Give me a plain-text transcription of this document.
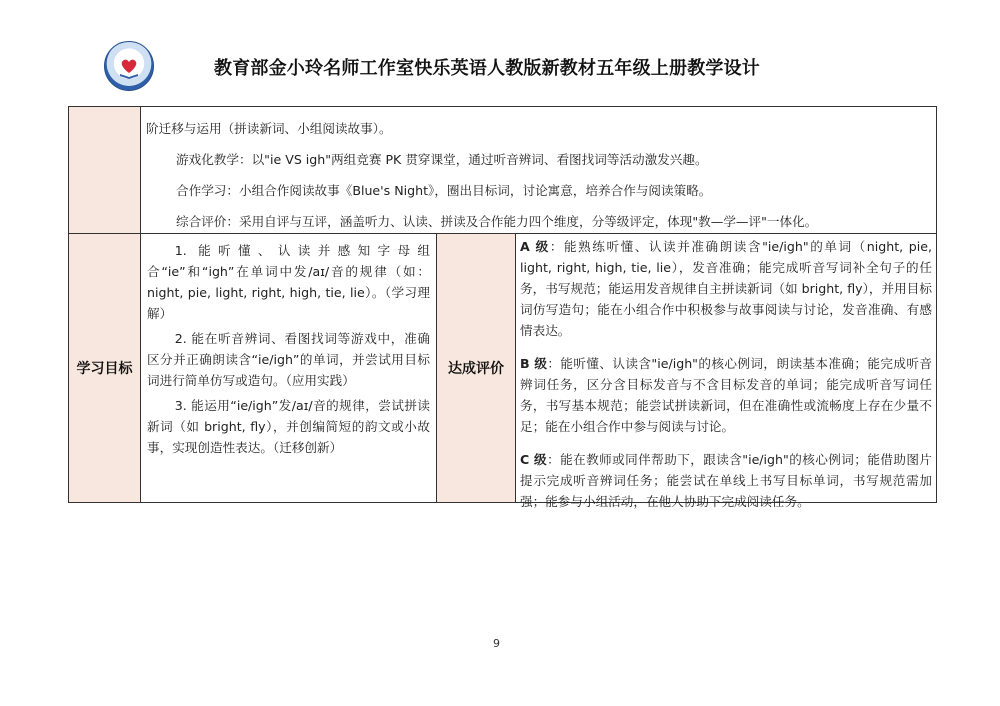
教育部金小玲名师工作室快乐英语人教版新教材五年级上册教学设计

阶迁移与运用（拼读新词、小组阅读故事）。

游戏化教学：以"ie VS igh"两组竞赛 PK 贯穿课堂，通过听音辨词、看图找词等活动激发兴趣。

合作学习：小组合作阅读故事《Blue's Night》，圈出目标词，讨论寓意，培养合作与阅读策略。

综合评价：采用自评与互评，涵盖听力、认读、拼读及合作能力四个维度，分等级评定，体现"教—学—评"一体化。

学习目标

1. 能听懂、认读并感知字母组合“ie”和“igh”在单词中发/aɪ/音的规律（如：night, pie, light, right, high, tie, lie）。（学习理解）

2. 能在听音辨词、看图找词等游戏中，准确区分并正确朗读含“ie/igh”的单词，并尝试用目标词进行简单仿写或造句。（应用实践）

3. 能运用“ie/igh”发/aɪ/音的规律，尝试拼读新词（如 bright, fly），并创编简短的韵文或小故事，实现创造性表达。（迁移创新）

达成评价

A 级：能熟练听懂、认读并准确朗读含"ie/igh"的单词（night, pie, light, right, high, tie, lie），发音准确；能完成听音写词补全句子的任务，书写规范；能运用发音规律自主拼读新词（如 bright, fly），并用目标词仿写造句；能在小组合作中积极参与故事阅读与讨论，发音准确、有感情表达。

B 级：能听懂、认读含"ie/igh"的核心例词，朗读基本准确；能完成听音辨词任务，区分含目标发音与不含目标发音的单词；能完成听音写词任务，书写基本规范；能尝试拼读新词，但在准确性或流畅度上存在少量不足；能在小组合作中参与阅读与讨论。

C 级：能在教师或同伴帮助下，跟读含"ie/igh"的核心例词；能借助图片提示完成听音辨词任务；能尝试在单线上书写目标单词，书写规范需加强；能参与小组活动，在他人协助下完成阅读任务。

9
